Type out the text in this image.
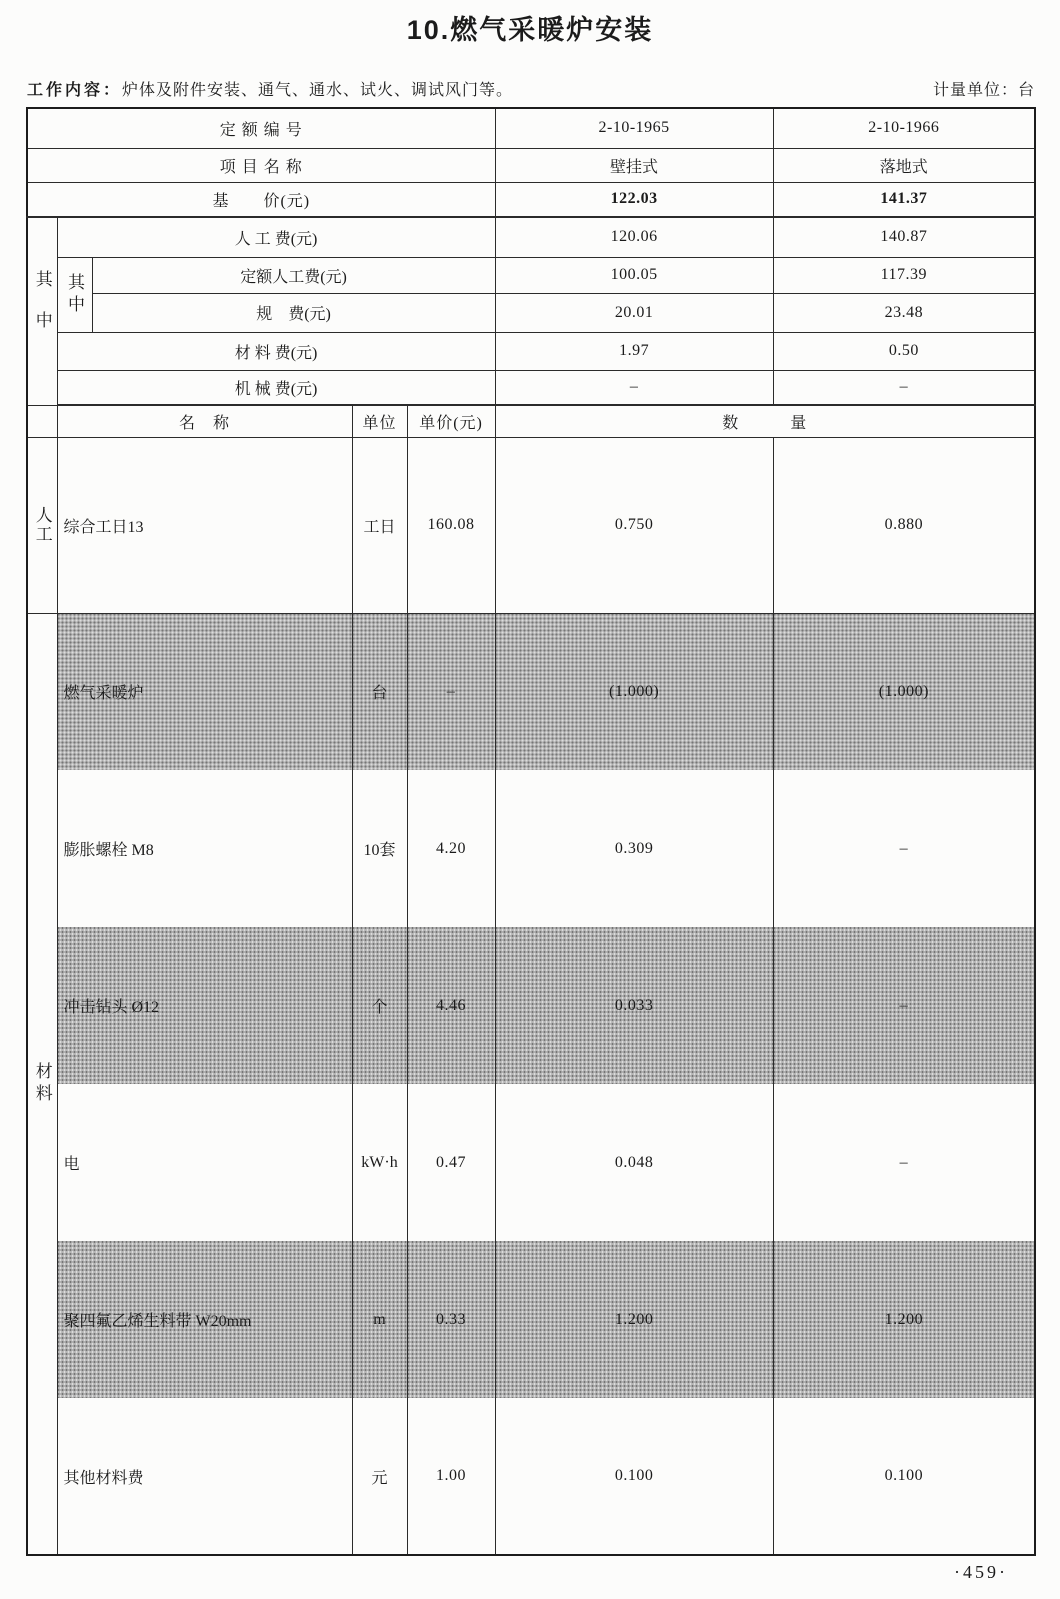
10.燃气采暖炉安装
工作内容：炉体及附件安装、通气、通水、试火、调试风门等。	计量单位：台
定 额 编 号					2-10-1965	2-10-1966
项 目 名 称					壁挂式	落地式
基　　价(元)					122.03	141.37
其中	人 工 费(元)				120.06	140.87
	其中	定额人工费(元)			100.05	117.39
		规　费(元)			20.01	23.48
	材 料 费(元)				1.97	0.50
	机 械 费(元)				–	–
	名　称		单位	单价(元)	数　　　量	
人工	综合工日13		工日	160.08	0.750	0.880
材料	燃气采暖炉		台	–	(1.000)	(1.000)
	膨胀螺栓 M8		10套	4.20	0.309	–
	冲击钻头 Ø12		个	4.46	0.033	–
	电		kW·h	0.47	0.048	–
	聚四氟乙烯生料带 W20mm		m	0.33	1.200	1.200
	其他材料费		元	1.00	0.100	0.100
·459·
